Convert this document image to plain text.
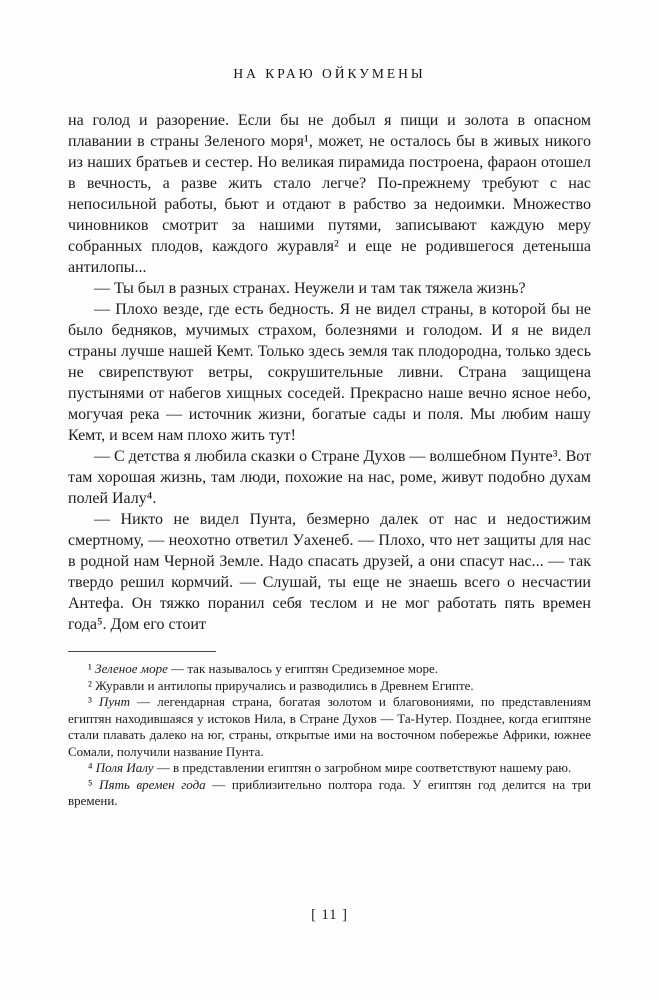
НА КРАЮ ОЙКУМЕНЫ

на голод и разорение. Если бы не добыл я пищи и золота в опасном плавании в страны Зеленого моря¹, может, не осталось бы в живых никого из наших братьев и сестер. Но великая пирамида построена, фараон отошел в вечность, а разве жить стало легче? По-прежнему требуют с нас непосильной работы, бьют и отдают в рабство за недоимки. Множество чиновников смотрит за нашими путями, записывают каждую меру собранных плодов, каждого журавля² и еще не родившегося детеныша антилопы...

— Ты был в разных странах. Неужели и там так тяжела жизнь?

— Плохо везде, где есть бедность. Я не видел страны, в которой бы не было бедняков, мучимых страхом, болезнями и голодом. И я не видел страны лучше нашей Кемт. Только здесь земля так плодородна, только здесь не свирепствуют ветры, сокрушительные ливни. Страна защищена пустынями от набегов хищных соседей. Прекрасно наше вечно ясное небо, могучая река — источник жизни, богатые сады и поля. Мы любим нашу Кемт, и всем нам плохо жить тут!

— С детства я любила сказки о Стране Духов — волшебном Пунте³. Вот там хорошая жизнь, там люди, похожие на нас, роме, живут подобно духам полей Иалу⁴.

— Никто не видел Пунта, безмерно далек от нас и недостижим смертному, — неохотно ответил Уахенеб. — Плохо, что нет защиты для нас в родной нам Черной Земле. Надо спасать друзей, а они спасут нас... — так твердо решил кормчий. — Слушай, ты еще не знаешь всего о несчастии Антефа. Он тяжко поранил себя теслом и не мог работать пять времен года⁵. Дом его стоит

¹ Зеленое море — так называлось у египтян Средиземное море.

² Журавли и антилопы приручались и разводились в Древнем Египте.

³ Пунт — легендарная страна, богатая золотом и благовониями, по представлениям египтян находившаяся у истоков Нила, в Стране Духов — Та-Нутер. Позднее, когда египтяне стали плавать далеко на юг, страны, открытые ими на восточном побережье Африки, южнее Сомали, получили название Пунта.

⁴ Поля Иалу — в представлении египтян о загробном мире соответствуют нашему раю.

⁵ Пять времен года — приблизительно полтора года. У египтян год делится на три времени.

[ 11 ]
